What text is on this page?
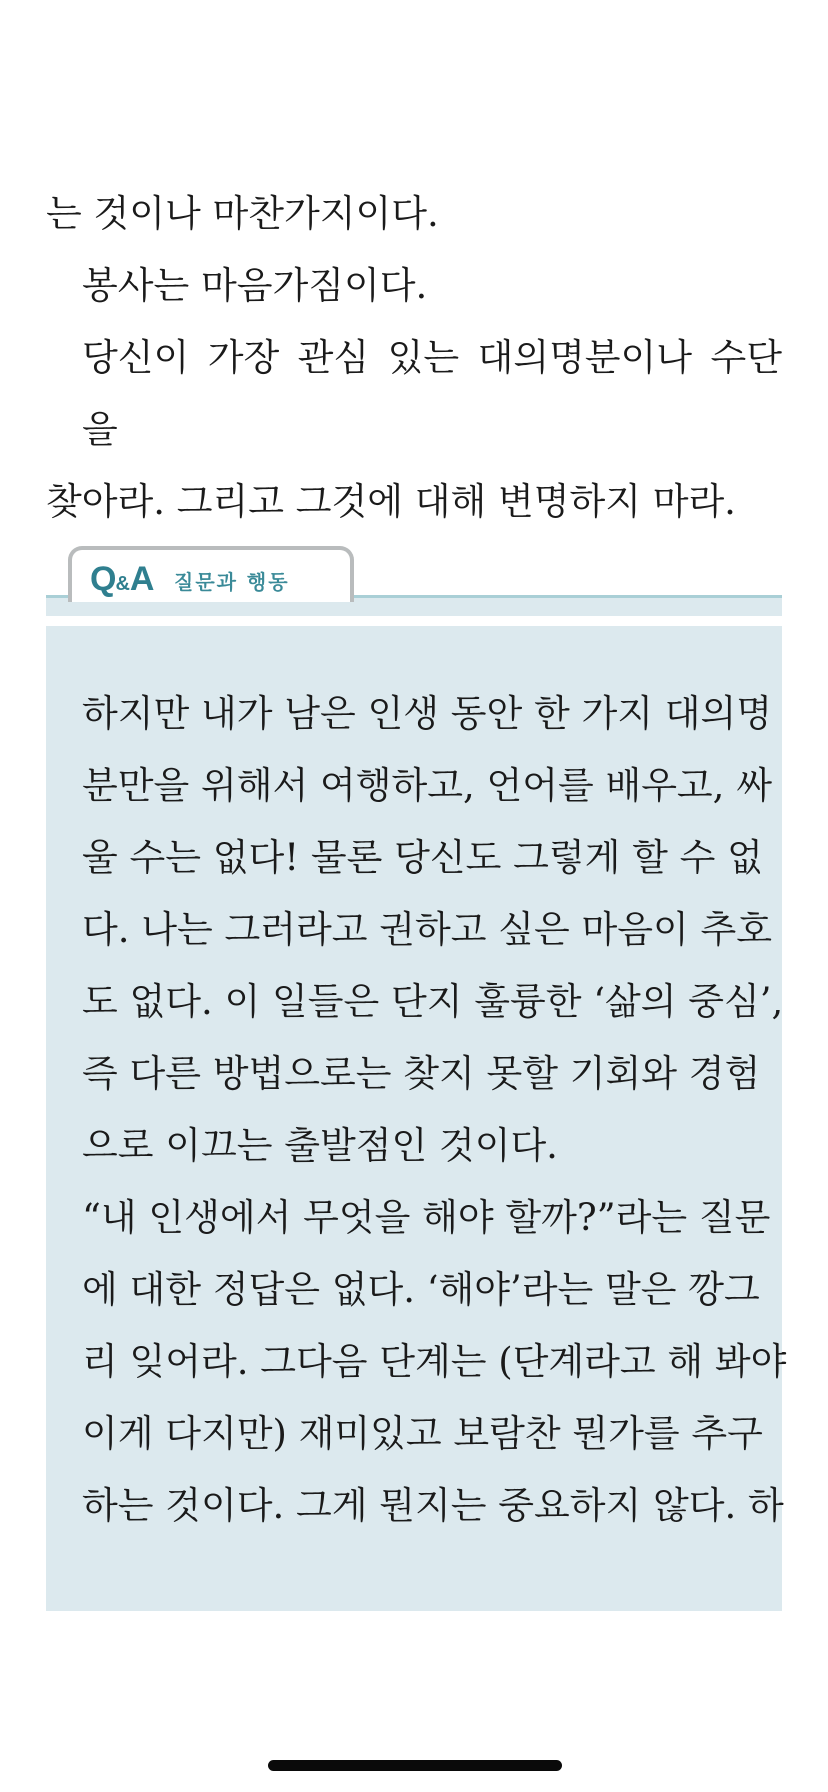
는 것이나 마찬가지이다.

봉사는 마음가짐이다.

당신이 가장 관심 있는 대의명분이나 수단을

찾아라. 그리고 그것에 대해 변명하지 마라.

Q&A 질문과 행동
하지만 내가 남은 인생 동안 한 가지 대의명
분만을 위해서 여행하고, 언어를 배우고, 싸
울 수는 없다! 물론 당신도 그렇게 할 수 없
다. 나는 그러라고 권하고 싶은 마음이 추호
도 없다. 이 일들은 단지 훌륭한 ‘삶의 중심’,
즉 다른 방법으로는 찾지 못할 기회와 경험
으로 이끄는 출발점인 것이다.
“내 인생에서 무엇을 해야 할까?”라는 질문
에 대한 정답은 없다. ‘해야’라는 말은 깡그
리 잊어라. 그다음 단계는 (단계라고 해 봐야
이게 다지만) 재미있고 보람찬 뭔가를 추구
하는 것이다. 그게 뭔지는 중요하지 않다. 하
